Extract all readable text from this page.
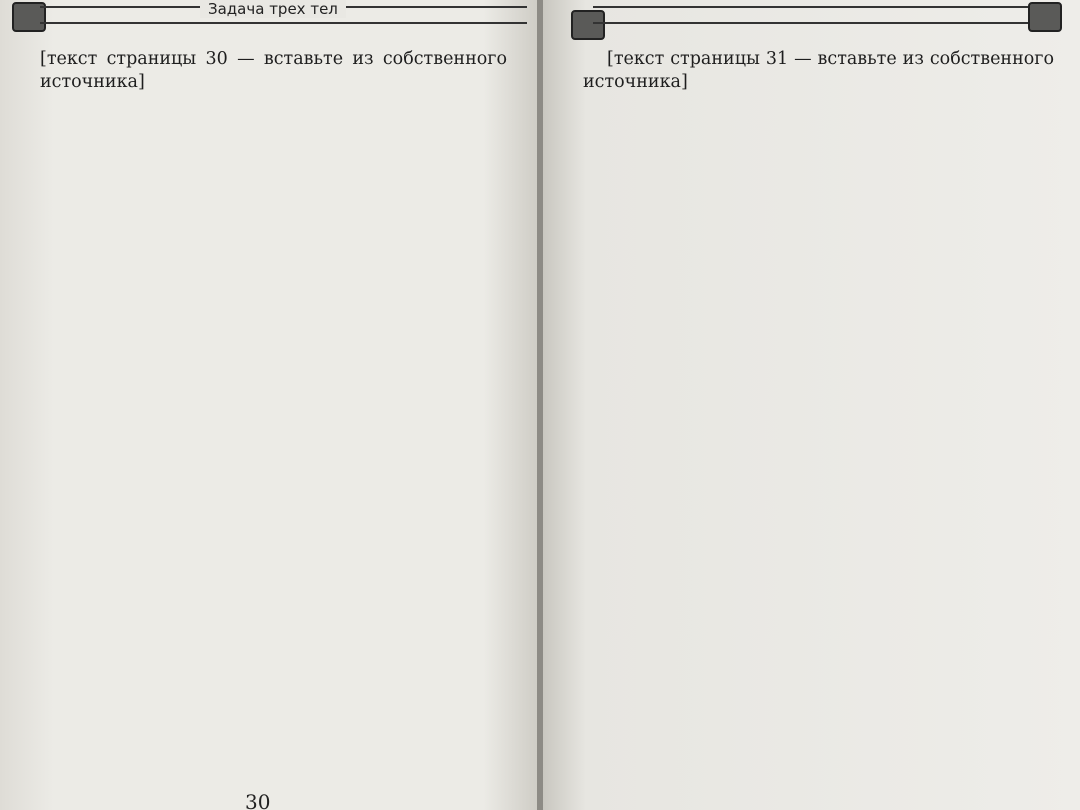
Задача трех тел

[текст страницы 30 — вставьте из собственного источника]

30

[текст страницы 31 — вставьте из собственного источника]
